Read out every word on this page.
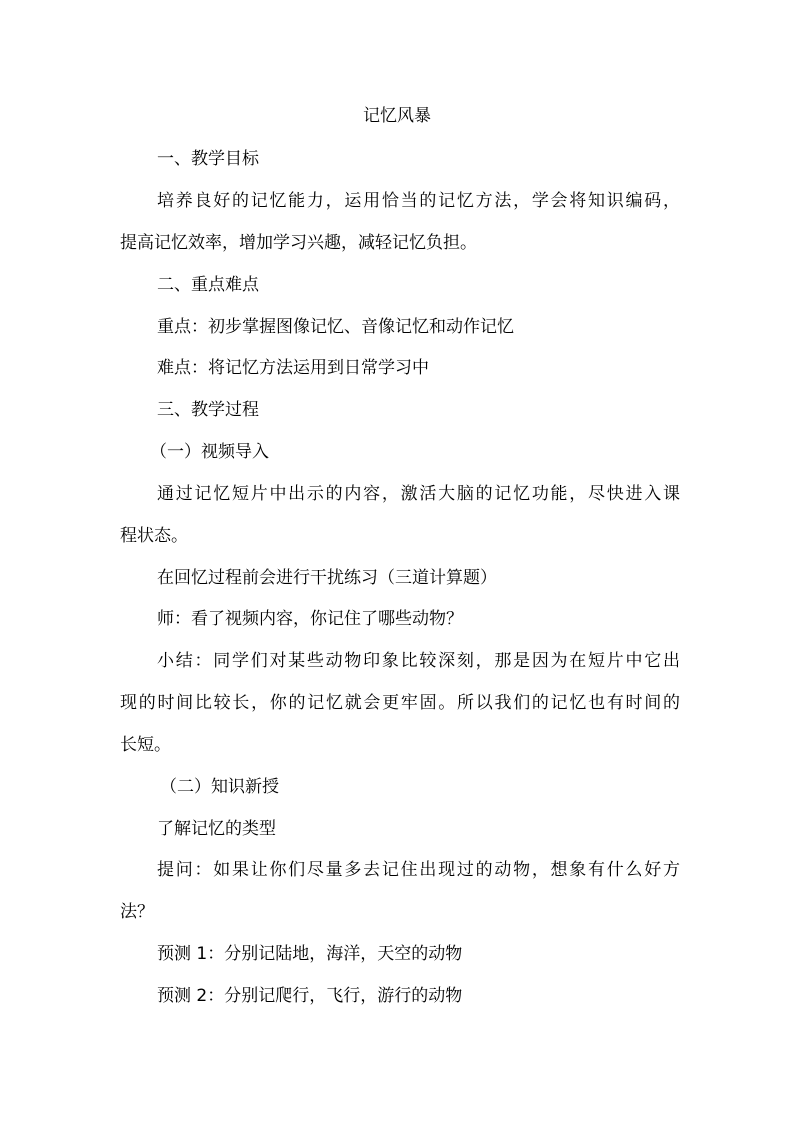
记忆风暴
一、教学目标
培养良好的记忆能力，运用恰当的记忆方法，学会将知识编码，
提高记忆效率，增加学习兴趣，减轻记忆负担。
二、重点难点
重点：初步掌握图像记忆、音像记忆和动作记忆
难点：将记忆方法运用到日常学习中
三、教学过程
（一）视频导入
通过记忆短片中出示的内容，激活大脑的记忆功能，尽快进入课
程状态。
在回忆过程前会进行干扰练习（三道计算题）
师：看了视频内容，你记住了哪些动物？
小结：同学们对某些动物印象比较深刻，那是因为在短片中它出
现的时间比较长，你的记忆就会更牢固。所以我们的记忆也有时间的
长短。
（二）知识新授
了解记忆的类型
提问：如果让你们尽量多去记住出现过的动物，想象有什么好方
法？
预测 1：分别记陆地，海洋，天空的动物
预测 2：分别记爬行，飞行，游行的动物
